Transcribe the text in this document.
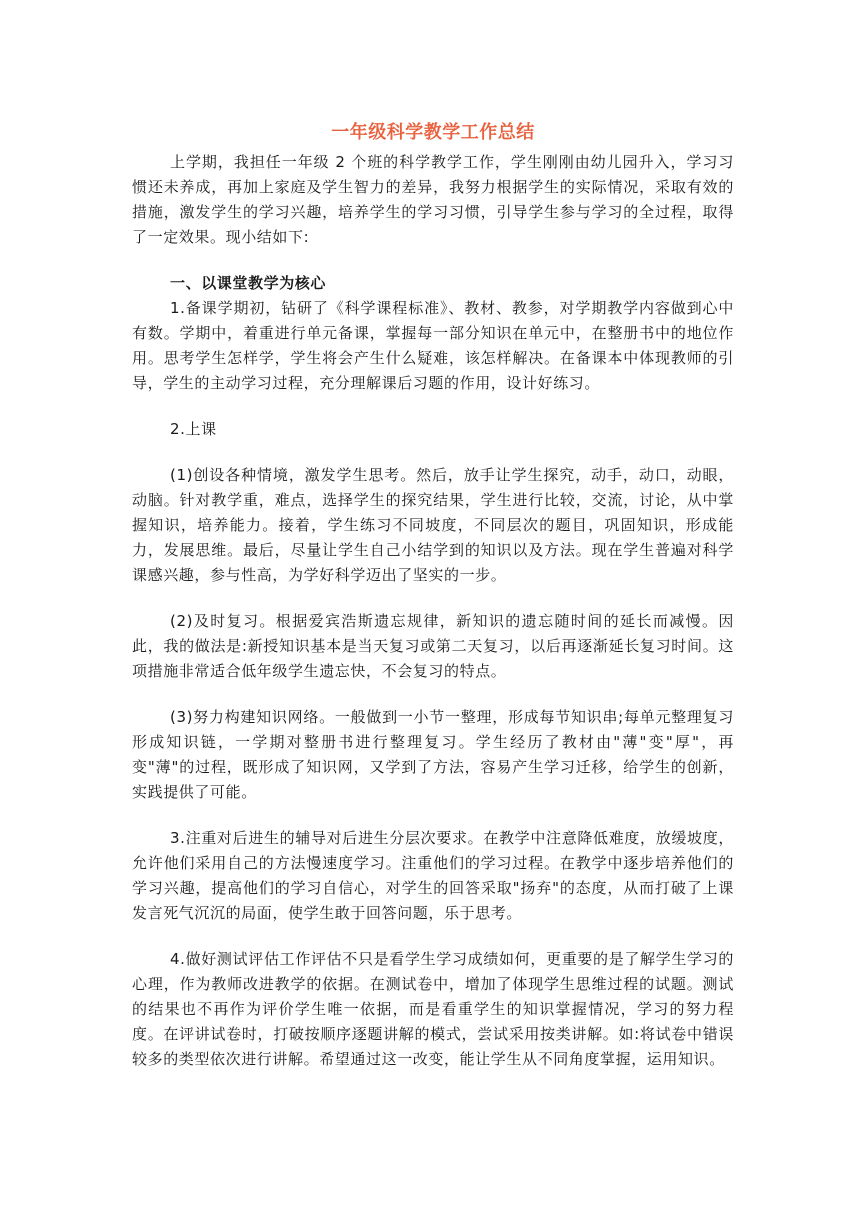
一年级科学教学工作总结

上学期，我担任一年级 2 个班的科学教学工作，学生刚刚由幼儿园升入，学习习惯还未养成，再加上家庭及学生智力的差异，我努力根据学生的实际情况，采取有效的措施，激发学生的学习兴趣，培养学生的学习习惯，引导学生参与学习的全过程，取得了一定效果。现小结如下:

一、以课堂教学为核心

1.备课学期初，钻研了《科学课程标准》、教材、教参，对学期教学内容做到心中有数。学期中，着重进行单元备课，掌握每一部分知识在单元中，在整册书中的地位作用。思考学生怎样学，学生将会产生什么疑难，该怎样解决。在备课本中体现教师的引导，学生的主动学习过程，充分理解课后习题的作用，设计好练习。

2.上课

(1)创设各种情境，激发学生思考。然后，放手让学生探究，动手，动口，动眼，动脑。针对教学重，难点，选择学生的探究结果，学生进行比较，交流，讨论，从中掌握知识，培养能力。接着，学生练习不同坡度，不同层次的题目，巩固知识，形成能力，发展思维。最后，尽量让学生自己小结学到的知识以及方法。现在学生普遍对科学课感兴趣，参与性高，为学好科学迈出了坚实的一步。

(2)及时复习。根据爱宾浩斯遗忘规律，新知识的遗忘随时间的延长而减慢。因此，我的做法是:新授知识基本是当天复习或第二天复习，以后再逐渐延长复习时间。这项措施非常适合低年级学生遗忘快，不会复习的特点。

(3)努力构建知识网络。一般做到一小节一整理，形成每节知识串;每单元整理复习形成知识链，一学期对整册书进行整理复习。学生经历了教材由"薄"变"厚"，再变"薄"的过程，既形成了知识网，又学到了方法，容易产生学习迁移，给学生的创新，实践提供了可能。

3.注重对后进生的辅导对后进生分层次要求。在教学中注意降低难度，放缓坡度，允许他们采用自己的方法慢速度学习。注重他们的学习过程。在教学中逐步培养他们的学习兴趣，提高他们的学习自信心，对学生的回答采取"扬弃"的态度，从而打破了上课发言死气沉沉的局面，使学生敢于回答问题，乐于思考。

4.做好测试评估工作评估不只是看学生学习成绩如何，更重要的是了解学生学习的心理，作为教师改进教学的依据。在测试卷中，增加了体现学生思维过程的试题。测试的结果也不再作为评价学生唯一依据，而是看重学生的知识掌握情况，学习的努力程度。在评讲试卷时，打破按顺序逐题讲解的模式，尝试采用按类讲解。如:将试卷中错误较多的类型依次进行讲解。希望通过这一改变，能让学生从不同角度掌握，运用知识。
